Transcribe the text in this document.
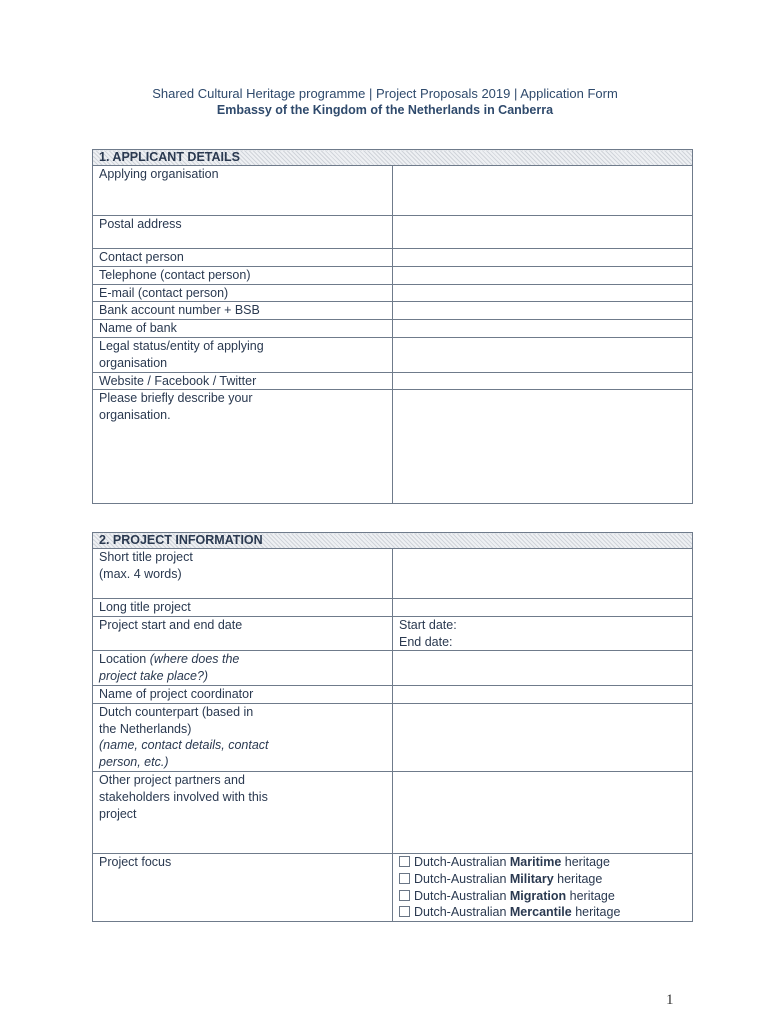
Shared Cultural Heritage programme | Project Proposals 2019 | Application Form
Embassy of the Kingdom of the Netherlands in Canberra
1. APPLICANT DETAILS	
Applying organisation	
Postal address	
Contact person	
Telephone (contact person)	
E-mail (contact person)	
Bank account number + BSB	
Name of bank	

Legal status/entity of applying
organisation	

Website / Facebook / Twitter	

Please briefly describe your
organisation.	

2. PROJECT INFORMATION	

Short title project
(max. 4 words)	

Long title project	
Project start and end date	Start date:
End date:

Location (where does the
project take place?)	

Name of project coordinator	

Dutch counterpart (based in
the Netherlands)
(name, contact details, contact
person, etc.)	

Other project partners and
stakeholders involved with this
project	

Project focus	Dutch-Australian Maritime heritage
Dutch-Australian Military heritage
Dutch-Australian Migration heritage
Dutch-Australian Mercantile heritage
1
